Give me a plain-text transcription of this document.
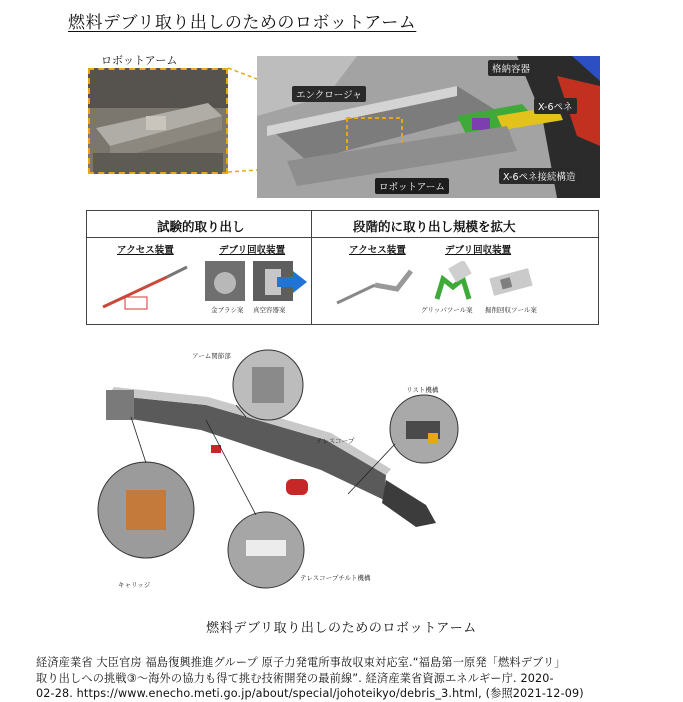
燃料デブリ取り出しのためのロボットアーム
ロボットアーム
エンクロージャ
格納容器
X-6ペネ
X-6ペネ接続構造
ロボットアーム
試験的取り出し	段階的に取り出し規模を拡大
アクセス装置	デブリ回収装置	アクセス装置	デブリ回収装置
金ブラシ案 真空容器案	グリッパツール案 掘削回収ツール案
アーム関節部
リスト機構
テレスコープ
キャリッジ
テレスコープチルト機構
燃料デブリ取り出しのためのロボットアーム
経済産業省 大臣官房 福島復興推進グループ 原子力発電所事故収束対応室.“福島第一原発「燃料デブリ」
取り出しへの挑戦③～海外の協力も得て挑む技術開発の最前線”. 経済産業省資源エネルギー庁. 2020-
02-28. https://www.enecho.meti.go.jp/about/special/johoteikyo/debris_3.html, (参照2021-12-09)
